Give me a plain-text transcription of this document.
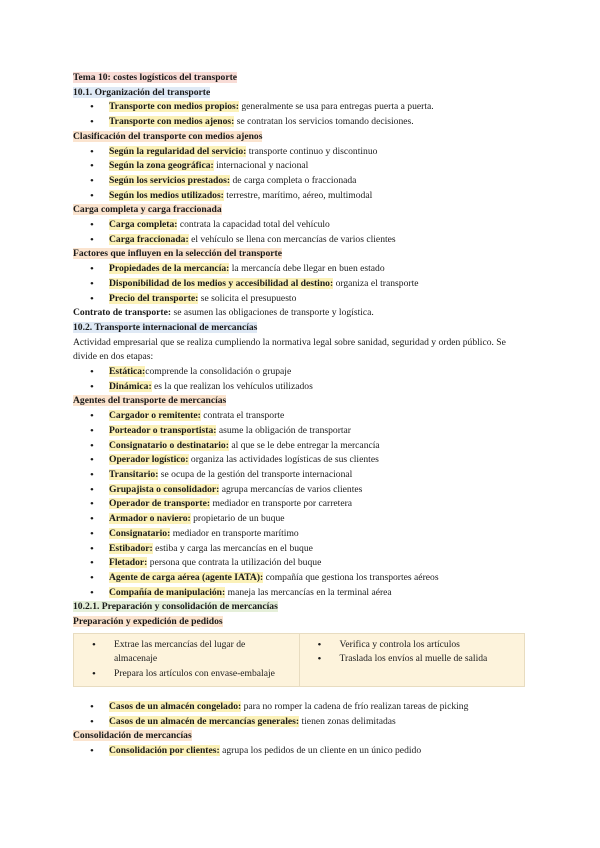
Tema 10: costes logísticos del transporte
10.1. Organización del transporte
• Transporte con medios propios: generalmente se usa para entregas puerta a puerta.
• Transporte con medios ajenos: se contratan los servicios tomando decisiones.
Clasificación del transporte con medios ajenos
• Según la regularidad del servicio: transporte continuo y discontinuo
• Según la zona geográfica: internacional y nacional
• Según los servicios prestados: de carga completa o fraccionada
• Según los medios utilizados: terrestre, marítimo, aéreo, multimodal
Carga completa y carga fraccionada
• Carga completa: contrata la capacidad total del vehículo
• Carga fraccionada: el vehículo se llena con mercancías de varios clientes
Factores que influyen en la selección del transporte
• Propiedades de la mercancía: la mercancía debe llegar en buen estado
• Disponibilidad de los medios y accesibilidad al destino: organiza el transporte
• Precio del transporte: se solicita el presupuesto
Contrato de transporte: se asumen las obligaciones de transporte y logística.
10.2. Transporte internacional de mercancías
Actividad empresarial que se realiza cumpliendo la normativa legal sobre sanidad, seguridad y orden público. Se divide en dos etapas:
• Estática:comprende la consolidación o grupaje
• Dinámica: es la que realizan los vehículos utilizados
Agentes del transporte de mercancías
• Cargador o remitente: contrata el transporte
• Porteador o transportista: asume la obligación de transportar
• Consignatario o destinatario: al que se le debe entregar la mercancía
• Operador logístico: organiza las actividades logísticas de sus clientes
• Transitario: se ocupa de la gestión del transporte internacional
• Grupajista o consolidador: agrupa mercancías de varios clientes
• Operador de transporte: mediador en transporte por carretera
• Armador o naviero: propietario de un buque
• Consignatario: mediador en transporte marítimo
• Estibador: estiba y carga las mercancías en el buque
• Fletador: persona que contrata la utilización del buque
• Agente de carga aérea (agente IATA): compañía que gestiona los transportes aéreos
• Compañía de manipulación: maneja las mercancías en la terminal aérea
10.2.1. Preparación y consolidación de mercancías
Preparación y expedición de pedidos
• Extrae las mercancías del lugar de almacenaje
• Prepara los artículos con envase-embalaje
• Verifica y controla los artículos
• Traslada los envíos al muelle de salida
• Casos de un almacén congelado: para no romper la cadena de frío realizan tareas de picking
• Casos de un almacén de mercancías generales: tienen zonas delimitadas
Consolidación de mercancías
• Consolidación por clientes: agrupa los pedidos de un cliente en un único pedido
